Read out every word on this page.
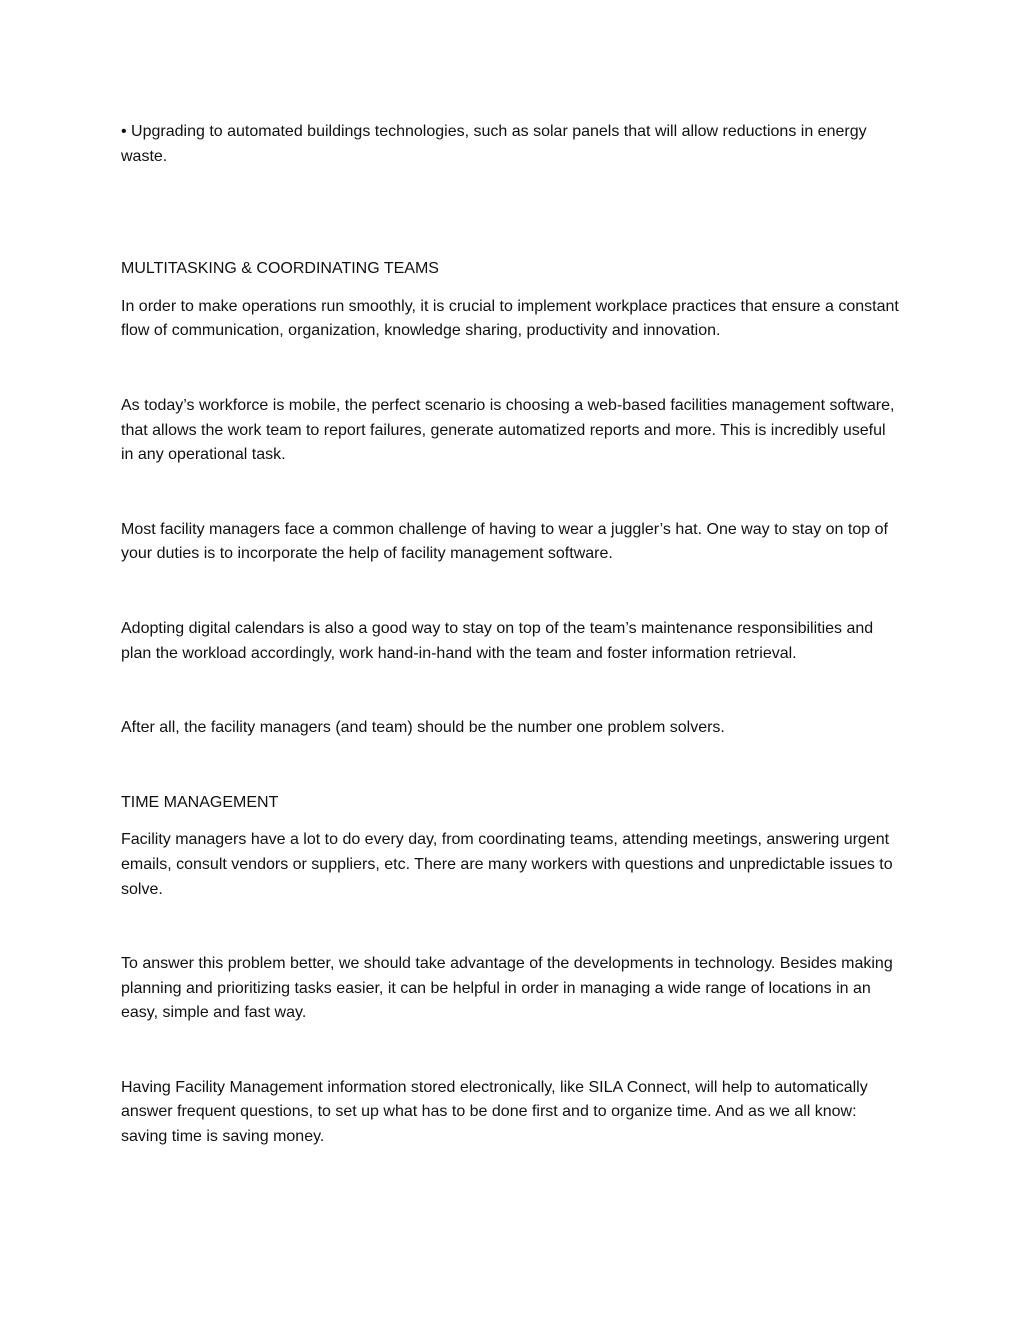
• Upgrading to automated buildings technologies, such as solar panels that will allow reductions in energy waste.

MULTITASKING & COORDINATING TEAMS

In order to make operations run smoothly, it is crucial to implement workplace practices that ensure a constant flow of communication, organization, knowledge sharing, productivity and innovation.

As today’s workforce is mobile, the perfect scenario is choosing a web-based facilities management software, that allows the work team to report failures, generate automatized reports and more. This is incredibly useful in any operational task.

Most facility managers face a common challenge of having to wear a juggler’s hat. One way to stay on top of your duties is to incorporate the help of facility management software.

Adopting digital calendars is also a good way to stay on top of the team’s maintenance responsibilities and plan the workload accordingly, work hand-in-hand with the team and foster information retrieval.

After all, the facility managers (and team) should be the number one problem solvers.

TIME MANAGEMENT

Facility managers have a lot to do every day, from coordinating teams, attending meetings, answering urgent emails, consult vendors or suppliers, etc. There are many workers with questions and unpredictable issues to solve.

To answer this problem better, we should take advantage of the developments in technology. Besides making planning and prioritizing tasks easier, it can be helpful in order in managing a wide range of locations in an easy, simple and fast way.

Having Facility Management information stored electronically, like SILA Connect, will help to automatically answer frequent questions, to set up what has to be done first and to organize time. And as we all know: saving time is saving money.
